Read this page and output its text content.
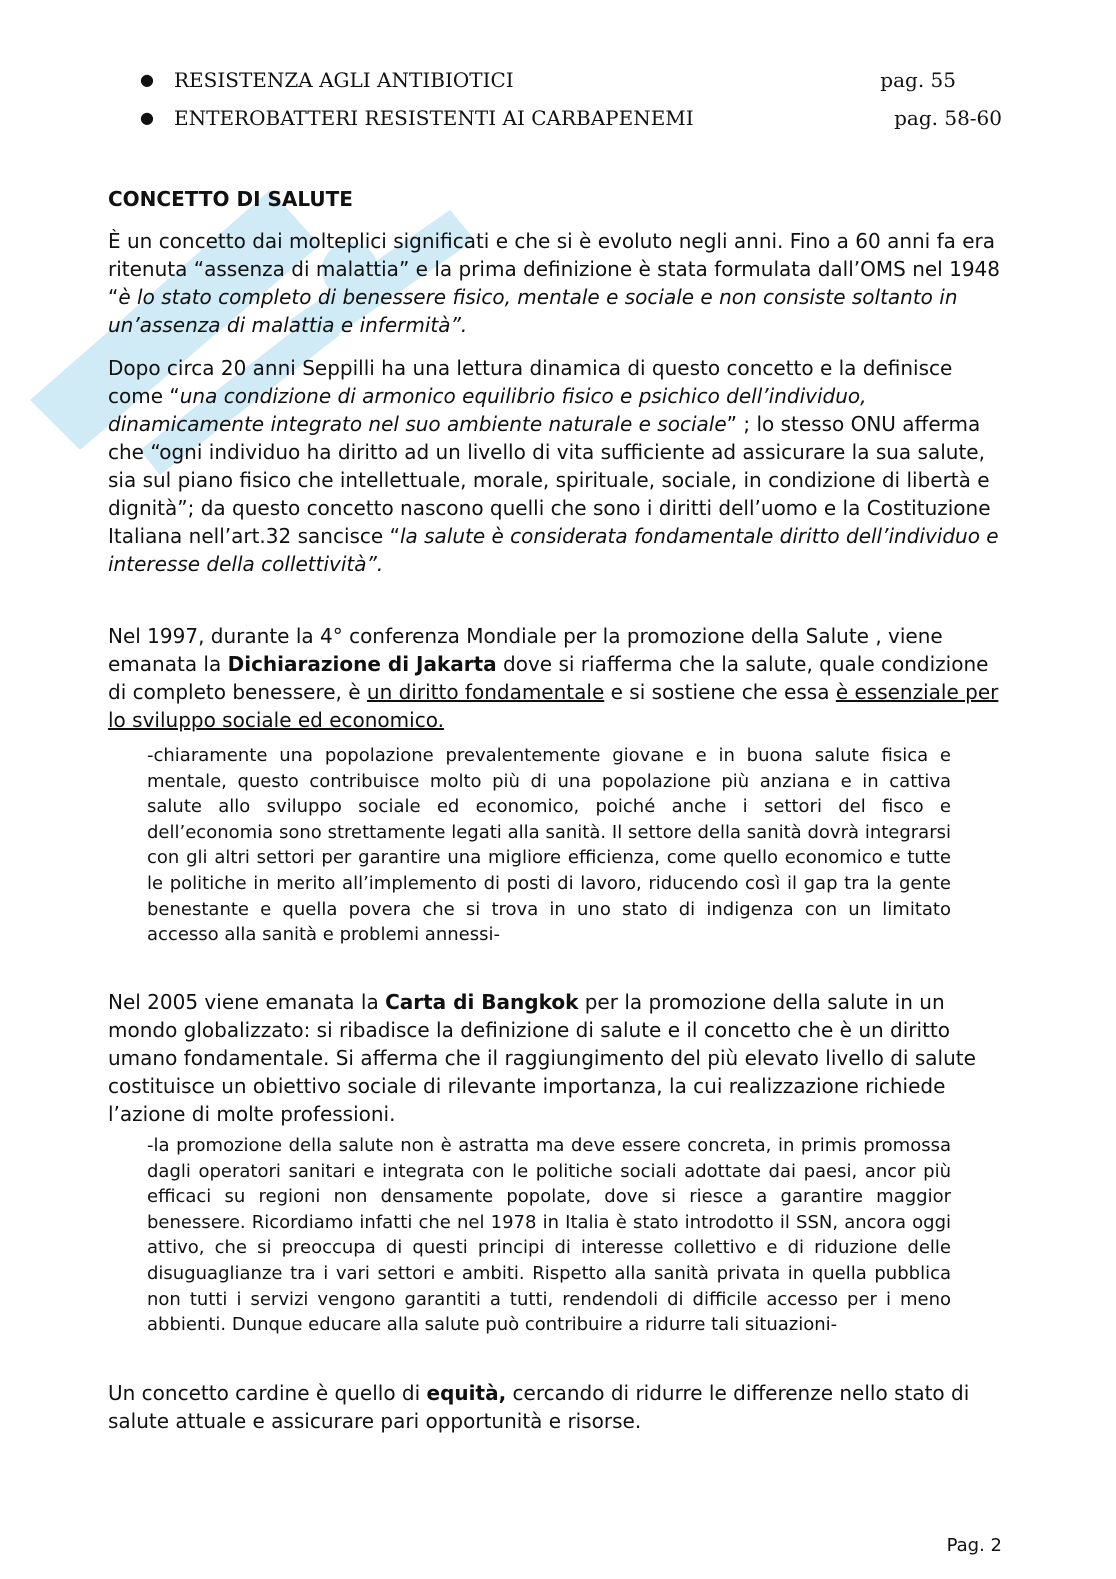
● RESISTENZA AGLI ANTIBIOTICI	pag. 55
● ENTEROBATTERI RESISTENTI AI CARBAPENEMI	pag. 58-60
CONCETTO DI SALUTE

È un concetto dai molteplici significati e che si è evoluto negli anni. Fino a 60 anni fa era ritenuta “assenza di malattia” e la prima definizione è stata formulata dall’OMS nel 1948 “è lo stato completo di benessere fisico, mentale e sociale e non consiste soltanto in un’assenza di malattia e infermità”.

Dopo circa 20 anni Seppilli ha una lettura dinamica di questo concetto e la definisce come “una condizione di armonico equilibrio fisico e psichico dell’individuo, dinamicamente integrato nel suo ambiente naturale e sociale” ; lo stesso ONU afferma che “ogni individuo ha diritto ad un livello di vita sufficiente ad assicurare la sua salute, sia sul piano fisico che intellettuale, morale, spirituale, sociale, in condizione di libertà e dignità”; da questo concetto nascono quelli che sono i diritti dell’uomo e la Costituzione Italiana nell’art.32 sancisce “la salute è considerata fondamentale diritto dell’individuo e interesse della collettività”.

Nel 1997, durante la 4° conferenza Mondiale per la promozione della Salute , viene emanata la Dichiarazione di Jakarta dove si riafferma che la salute, quale condizione di completo benessere, è un diritto fondamentale e si sostiene che essa è essenziale per lo sviluppo sociale ed economico.

-chiaramente una popolazione prevalentemente giovane e in buona salute fisica e mentale, questo contribuisce molto più di una popolazione più anziana e in cattiva salute allo sviluppo sociale ed economico, poiché anche i settori del fisco e dell’economia sono strettamente legati alla sanità. Il settore della sanità dovrà integrarsi con gli altri settori per garantire una migliore efficienza, come quello economico e tutte le politiche in merito all’implemento di posti di lavoro, riducendo così il gap tra la gente benestante e quella povera che si trova in uno stato di indigenza con un limitato accesso alla sanità e problemi annessi-

Nel 2005 viene emanata la Carta di Bangkok per la promozione della salute in un mondo globalizzato: si ribadisce la definizione di salute e il concetto che è un diritto umano fondamentale. Si afferma che il raggiungimento del più elevato livello di salute costituisce un obiettivo sociale di rilevante importanza, la cui realizzazione richiede l’azione di molte professioni.

-la promozione della salute non è astratta ma deve essere concreta, in primis promossa dagli operatori sanitari e integrata con le politiche sociali adottate dai paesi, ancor più efficaci su regioni non densamente popolate, dove si riesce a garantire maggior benessere. Ricordiamo infatti che nel 1978 in Italia è stato introdotto il SSN, ancora oggi attivo, che si preoccupa di questi principi di interesse collettivo e di riduzione delle disuguaglianze tra i vari settori e ambiti. Rispetto alla sanità privata in quella pubblica non tutti i servizi vengono garantiti a tutti, rendendoli di difficile accesso per i meno abbienti. Dunque educare alla salute può contribuire a ridurre tali situazioni-

Un concetto cardine è quello di equità, cercando di ridurre le differenze nello stato di salute attuale e assicurare pari opportunità e risorse.

Pag. 2
